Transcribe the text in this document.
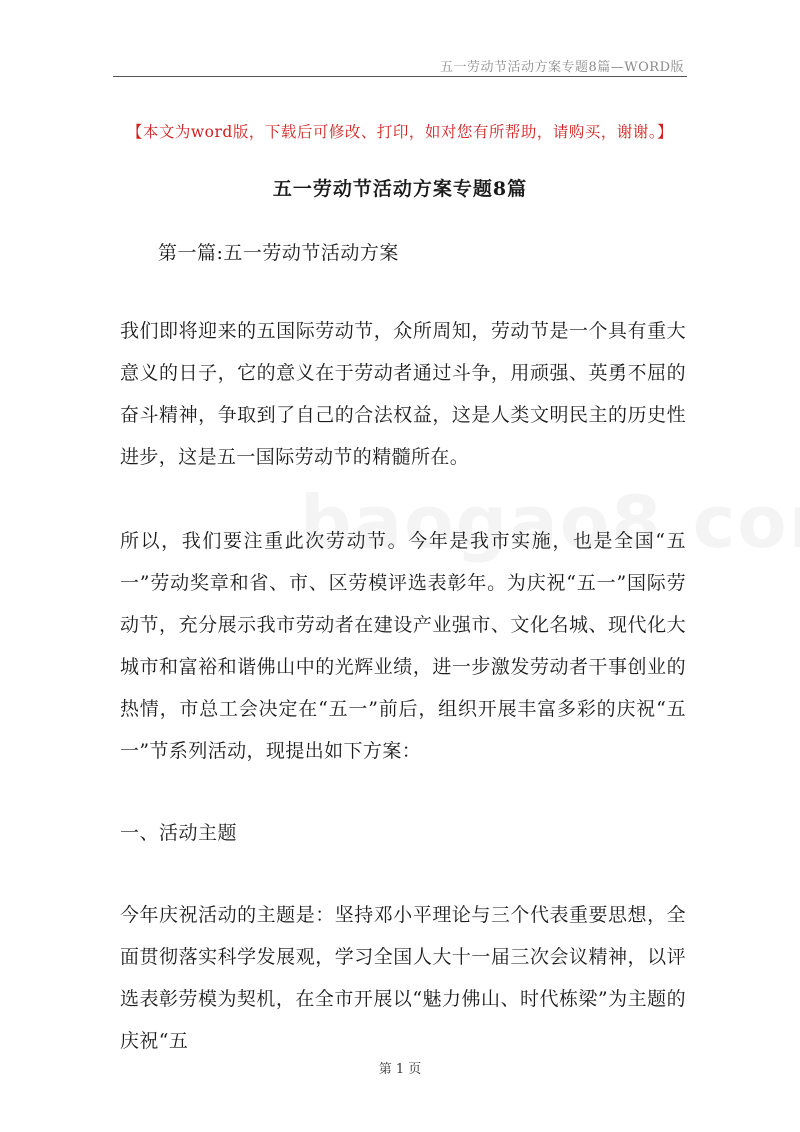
五一劳动节活动方案专题8篇—WORD版
【本文为word版，下载后可修改、打印，如对您有所帮助，请购买，谢谢。】
五一劳动节活动方案专题8篇
第一篇:五一劳动节活动方案
我们即将迎来的五国际劳动节，众所周知，劳动节是一个具有重大意义的日子，它的意义在于劳动者通过斗争，用顽强、英勇不屈的奋斗精神，争取到了自己的合法权益，这是人类文明民主的历史性进步，这是五一国际劳动节的精髓所在。
所以，我们要注重此次劳动节。今年是我市实施，也是全国“五一”劳动奖章和省、市、区劳模评选表彰年。为庆祝“五一”国际劳动节，充分展示我市劳动者在建设产业强市、文化名城、现代化大城市和富裕和谐佛山中的光辉业绩，进一步激发劳动者干事创业的热情，市总工会决定在“五一”前后，组织开展丰富多彩的庆祝“五一”节系列活动，现提出如下方案：
一、活动主题
今年庆祝活动的主题是：坚持邓小平理论与三个代表重要思想，全面贯彻落实科学发展观，学习全国人大十一届三次会议精神，以评选表彰劳模为契机，在全市开展以“魅力佛山、时代栋梁”为主题的庆祝“五
第 1 页
